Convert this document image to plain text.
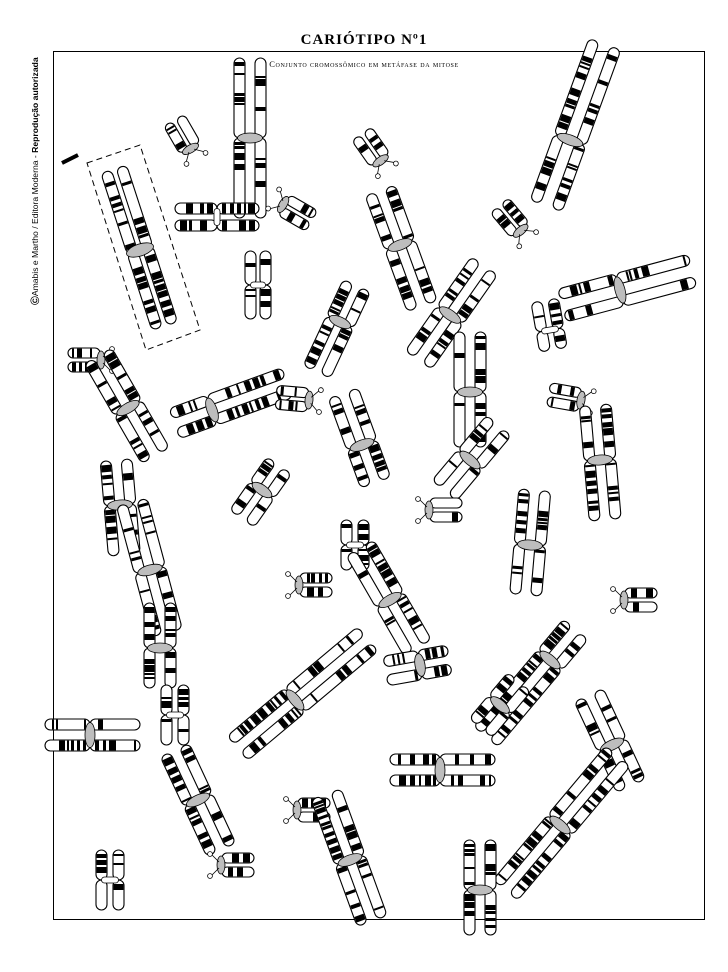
CARIÓTIPO Nº1
Conjunto cromossômico em metáfase da mitose
©Amabis e Martho / Editora Moderna - Reprodução autorizada
